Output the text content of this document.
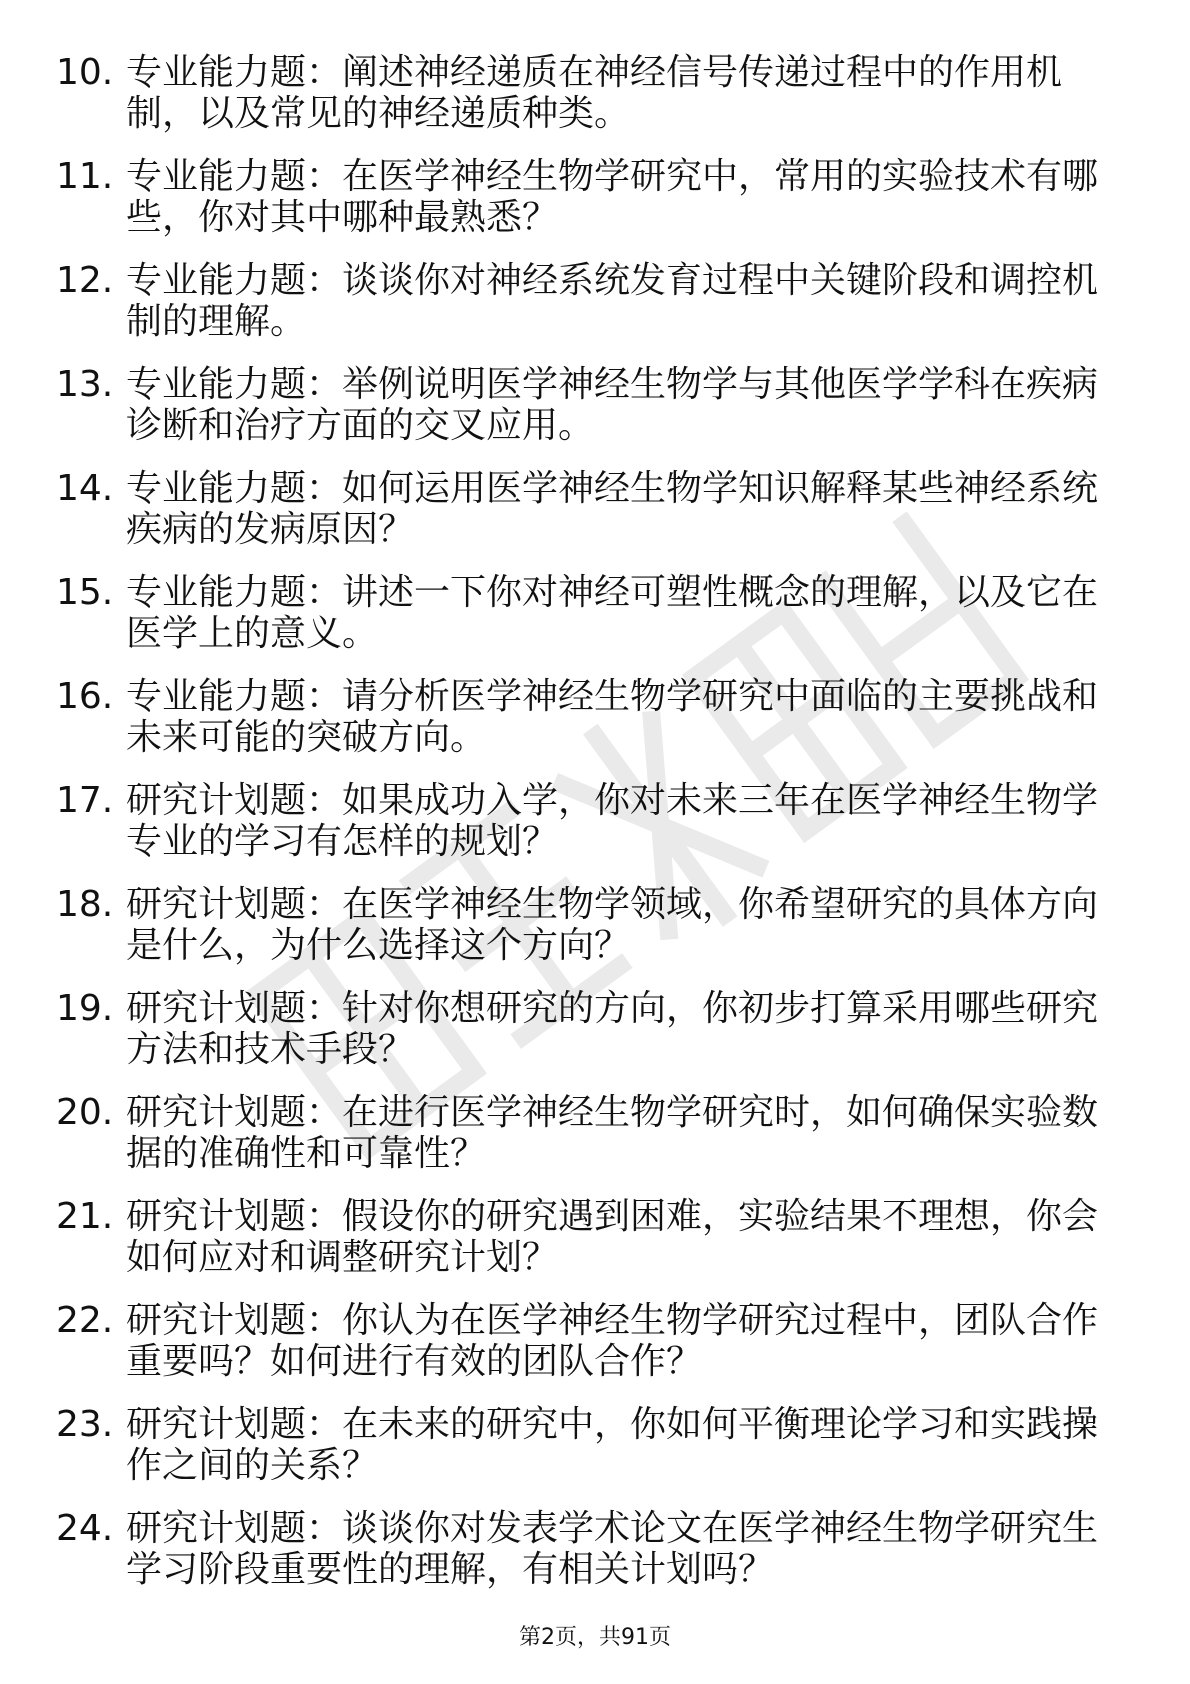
10. 专业能力题：阐述神经递质在神经信号传递过程中的作用机制，以及常见的神经递质种类。
11. 专业能力题：在医学神经生物学研究中，常用的实验技术有哪些，你对其中哪种最熟悉？
12. 专业能力题：谈谈你对神经系统发育过程中关键阶段和调控机制的理解。
13. 专业能力题：举例说明医学神经生物学与其他医学学科在疾病诊断和治疗方面的交叉应用。
14. 专业能力题：如何运用医学神经生物学知识解释某些神经系统疾病的发病原因？
15. 专业能力题：讲述一下你对神经可塑性概念的理解，以及它在医学上的意义。
16. 专业能力题：请分析医学神经生物学研究中面临的主要挑战和未来可能的突破方向。
17. 研究计划题：如果成功入学，你对未来三年在医学神经生物学专业的学习有怎样的规划？
18. 研究计划题：在医学神经生物学领域，你希望研究的具体方向是什么，为什么选择这个方向？
19. 研究计划题：针对你想研究的方向，你初步打算采用哪些研究方法和技术手段？
20. 研究计划题：在进行医学神经生物学研究时，如何确保实验数据的准确性和可靠性？
21. 研究计划题：假设你的研究遇到困难，实验结果不理想，你会如何应对和调整研究计划？
22. 研究计划题：你认为在医学神经生物学研究过程中，团队合作重要吗？如何进行有效的团队合作？
23. 研究计划题：在未来的研究中，你如何平衡理论学习和实践操作之间的关系？
24. 研究计划题：谈谈你对发表学术论文在医学神经生物学研究生学习阶段重要性的理解，有相关计划吗？
第2页，共91页
